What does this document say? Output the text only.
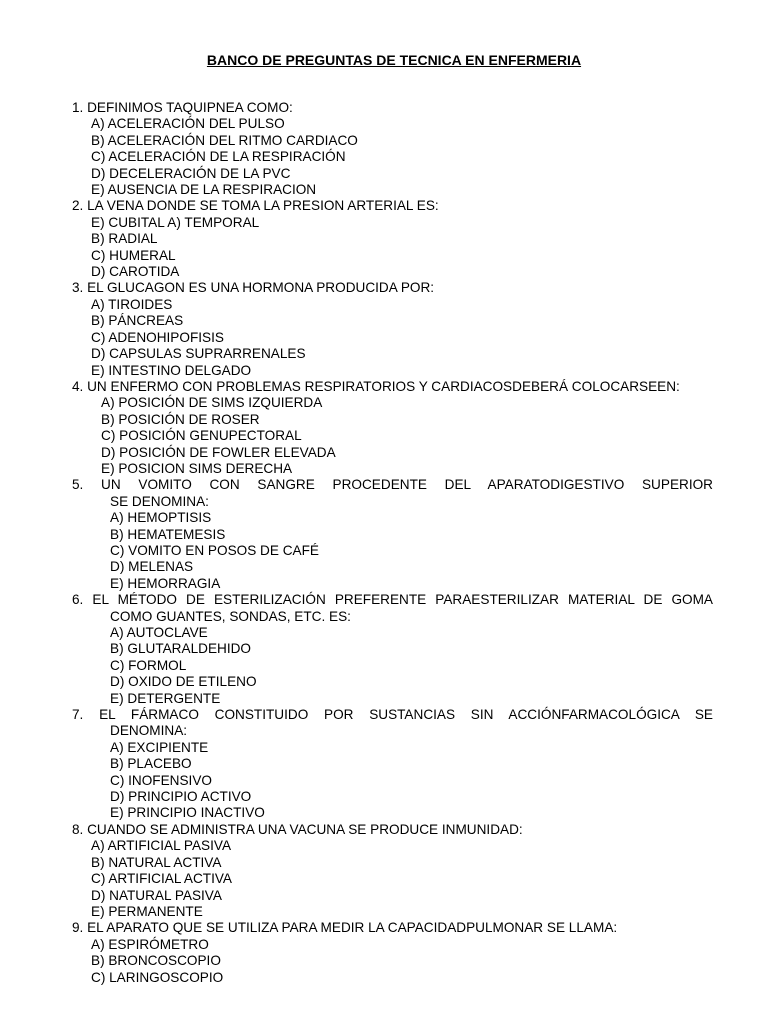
BANCO DE PREGUNTAS DE TECNICA EN ENFERMERIA
1. DEFINIMOS TAQUIPNEA COMO:
A) ACELERACIÓN DEL PULSO
B) ACELERACIÓN DEL RITMO CARDIACO
C) ACELERACIÓN DE LA RESPIRACIÓN
D) DECELERACIÓN DE LA PVC
E) AUSENCIA DE LA RESPIRACION
2. LA VENA DONDE SE TOMA LA PRESION ARTERIAL ES:
E) CUBITAL A) TEMPORAL
B) RADIAL
C) HUMERAL
D) CAROTIDA
3. EL GLUCAGON ES UNA HORMONA PRODUCIDA POR:
A) TIROIDES
B) PÁNCREAS
C) ADENOHIPOFISIS
D) CAPSULAS SUPRARRENALES
E) INTESTINO DELGADO
4. UN ENFERMO CON PROBLEMAS RESPIRATORIOS Y CARDIACOSDEBERÁ COLOCARSEEN:
A) POSICIÓN DE SIMS IZQUIERDA
B) POSICIÓN DE ROSER
C) POSICIÓN GENUPECTORAL
D) POSICIÓN DE FOWLER ELEVADA
E) POSICION SIMS DERECHA
5. UN VOMITO CON SANGRE PROCEDENTE DEL APARATODIGESTIVO SUPERIOR
SE DENOMINA:
A) HEMOPTISIS
B) HEMATEMESIS
C) VOMITO EN POSOS DE CAFÉ
D) MELENAS
E) HEMORRAGIA
6. EL MÉTODO DE ESTERILIZACIÓN PREFERENTE PARAESTERILIZAR MATERIAL DE GOMA
COMO GUANTES, SONDAS, ETC. ES:
A) AUTOCLAVE
B) GLUTARALDEHIDO
C) FORMOL
D) OXIDO DE ETILENO
E) DETERGENTE
7. EL FÁRMACO CONSTITUIDO POR SUSTANCIAS SIN ACCIÓNFARMACOLÓGICA SE
DENOMINA:
A) EXCIPIENTE
B) PLACEBO
C) INOFENSIVO
D) PRINCIPIO ACTIVO
E) PRINCIPIO INACTIVO
8. CUANDO SE ADMINISTRA UNA VACUNA SE PRODUCE INMUNIDAD:
A) ARTIFICIAL PASIVA
B) NATURAL ACTIVA
C) ARTIFICIAL ACTIVA
D) NATURAL PASIVA
E) PERMANENTE
9. EL APARATO QUE SE UTILIZA PARA MEDIR LA CAPACIDADPULMONAR SE LLAMA:
A) ESPIRÓMETRO
B) BRONCOSCOPIO
C) LARINGOSCOPIO
